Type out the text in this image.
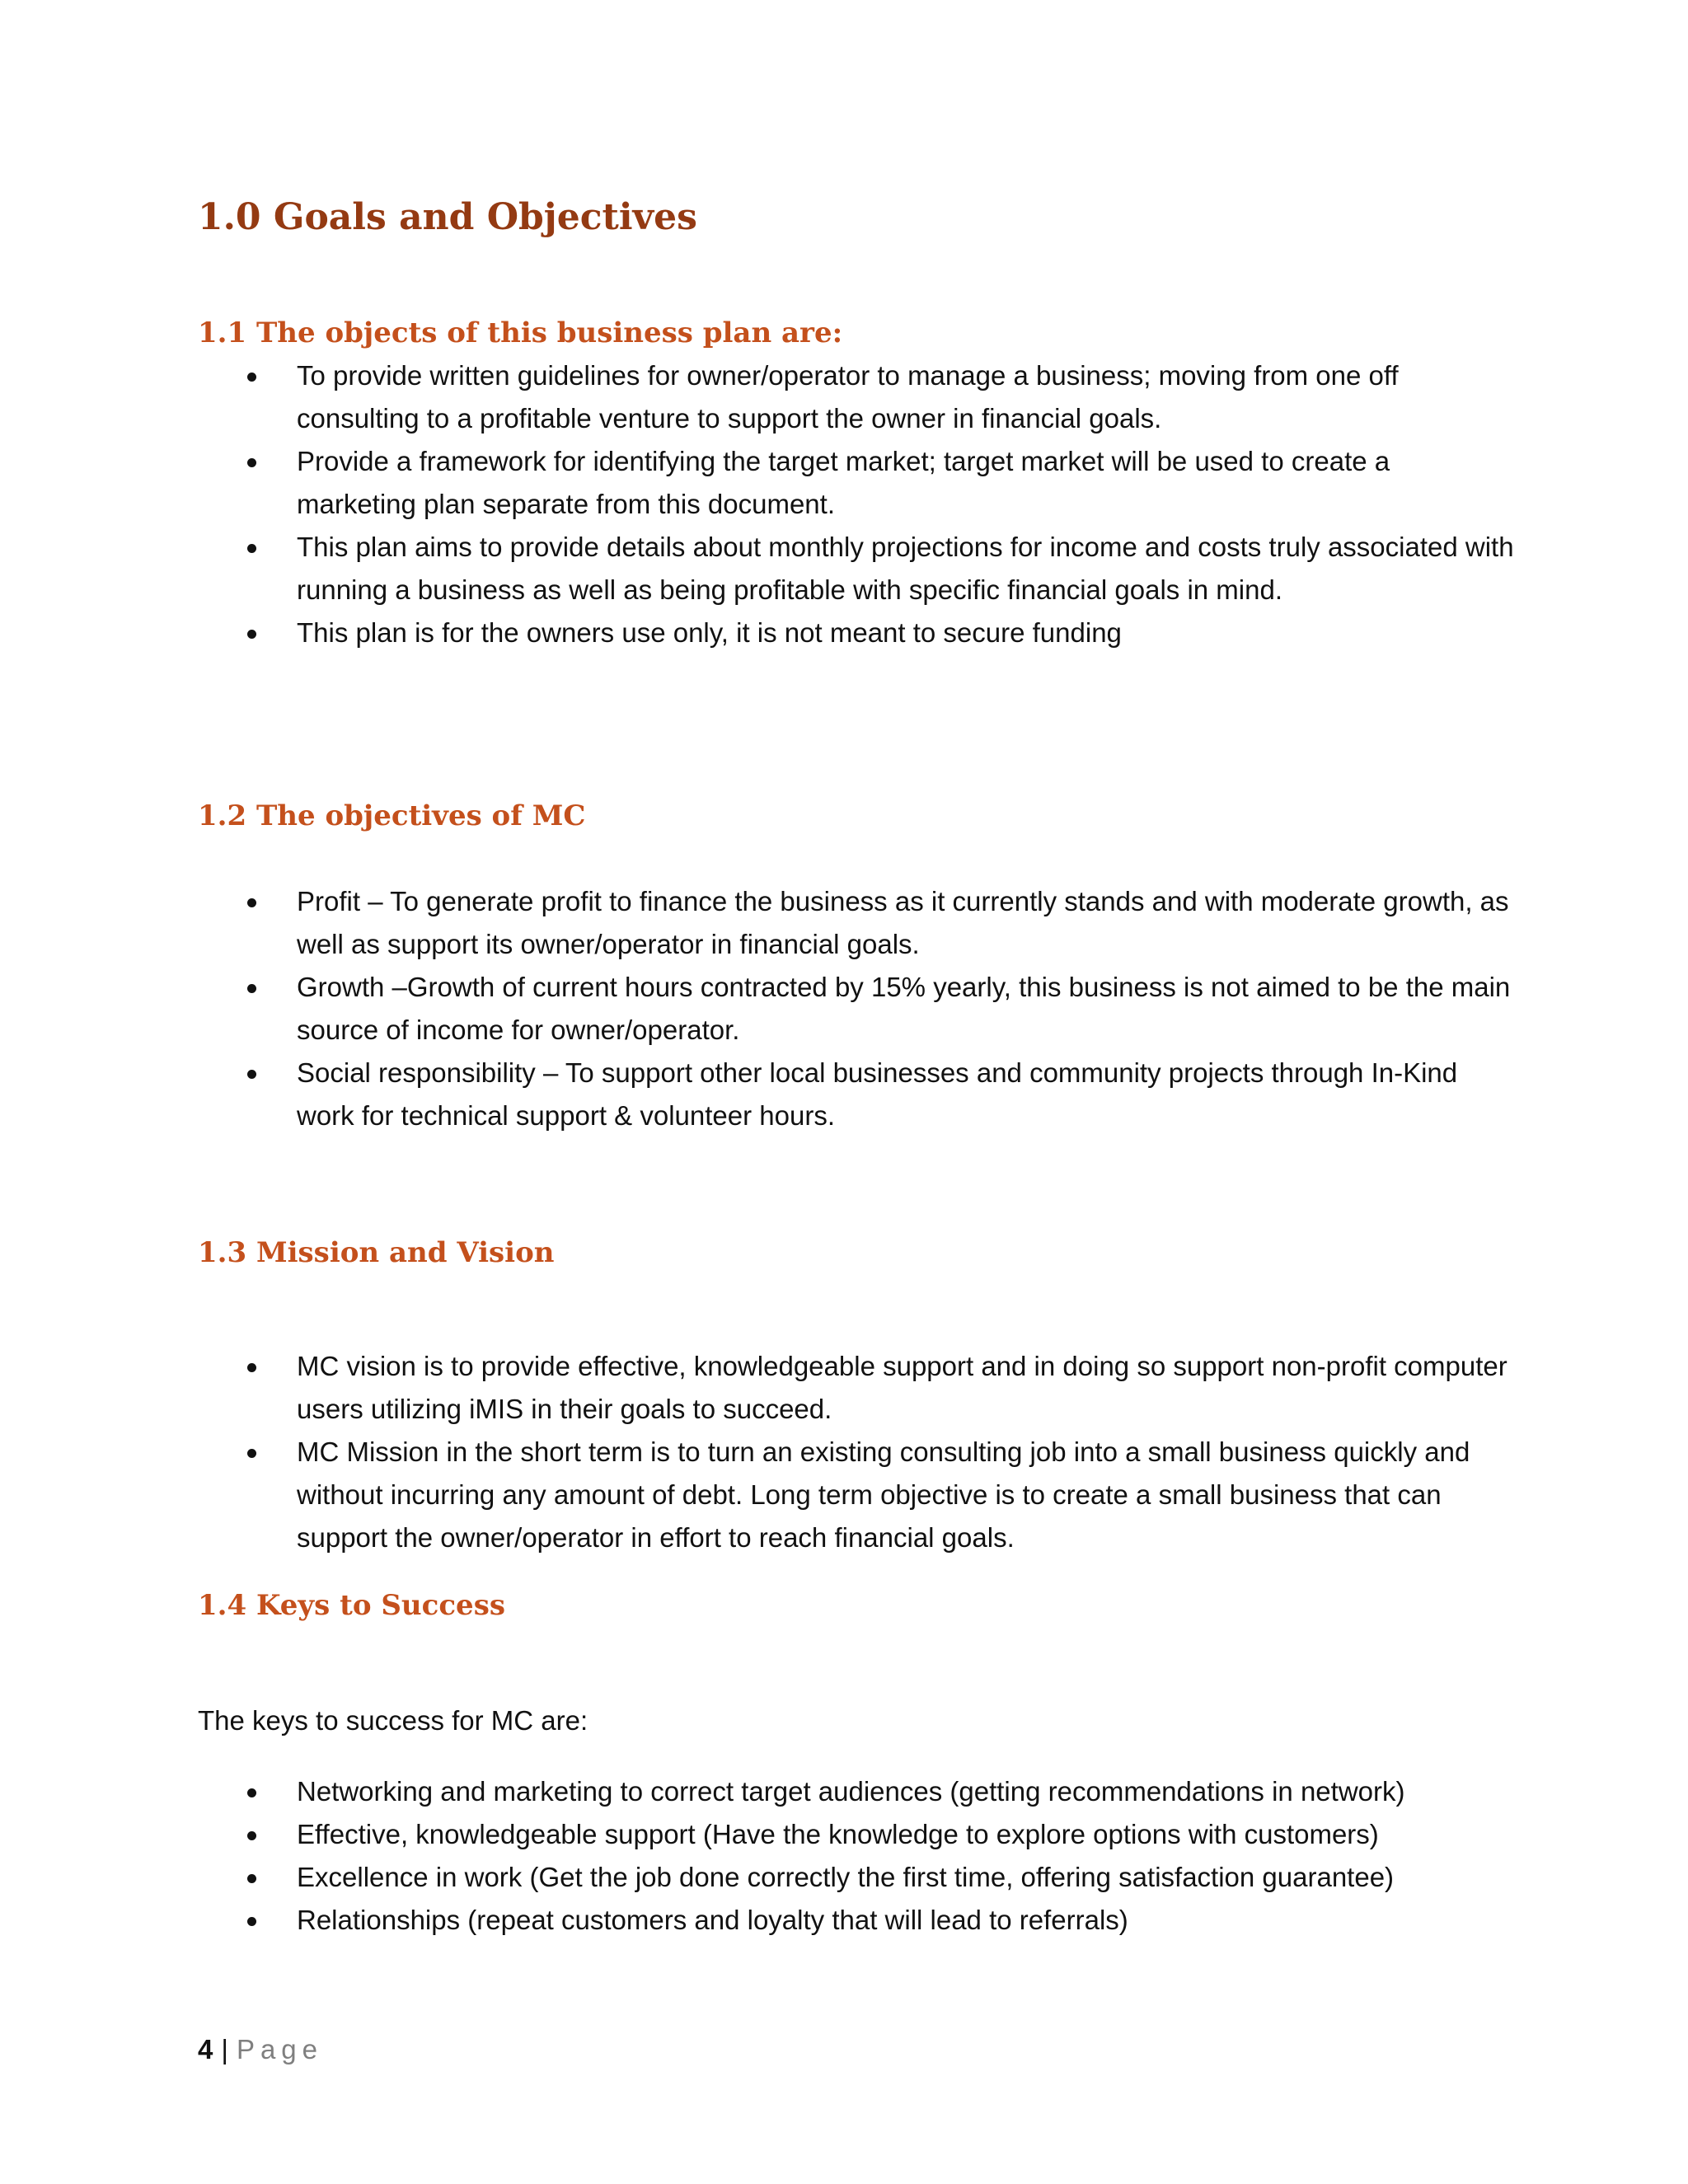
1.0 Goals and Objectives
1.1 The objects of this business plan are:
To provide written guidelines for owner/operator to manage a business; moving from one off consulting to a profitable venture to support the owner in financial goals.
Provide a framework for identifying the target market; target market will be used to create a marketing plan separate from this document.
This plan aims to provide details about monthly projections for income and costs truly associated with running a business as well as being profitable with specific financial goals in mind.
This plan is for the owners use only, it is not meant to secure funding
1.2 The objectives of MC
Profit – To generate profit to finance the business as it currently stands and with moderate growth, as well as support its owner/operator in financial goals.
Growth –Growth of current hours contracted by 15% yearly, this business is not aimed to be the main source of income for owner/operator.
Social responsibility – To support other local businesses and community projects through In-Kind work for technical support & volunteer hours.
1.3 Mission and Vision
MC vision is to provide effective, knowledgeable support and in doing so support non-profit computer users utilizing iMIS in their goals to succeed.
MC Mission in the short term is to turn an existing consulting job into a small business quickly and without incurring any amount of debt. Long term objective is to create a small business that can support the owner/operator in effort to reach financial goals.
1.4 Keys to Success

The keys to success for MC are:

Networking and marketing to correct target audiences (getting recommendations in network)
Effective, knowledgeable support (Have the knowledge to explore options with customers)
Excellence in work (Get the job done correctly the first time, offering satisfaction guarantee)
Relationships (repeat customers and loyalty that will lead to referrals)
4 | Page
